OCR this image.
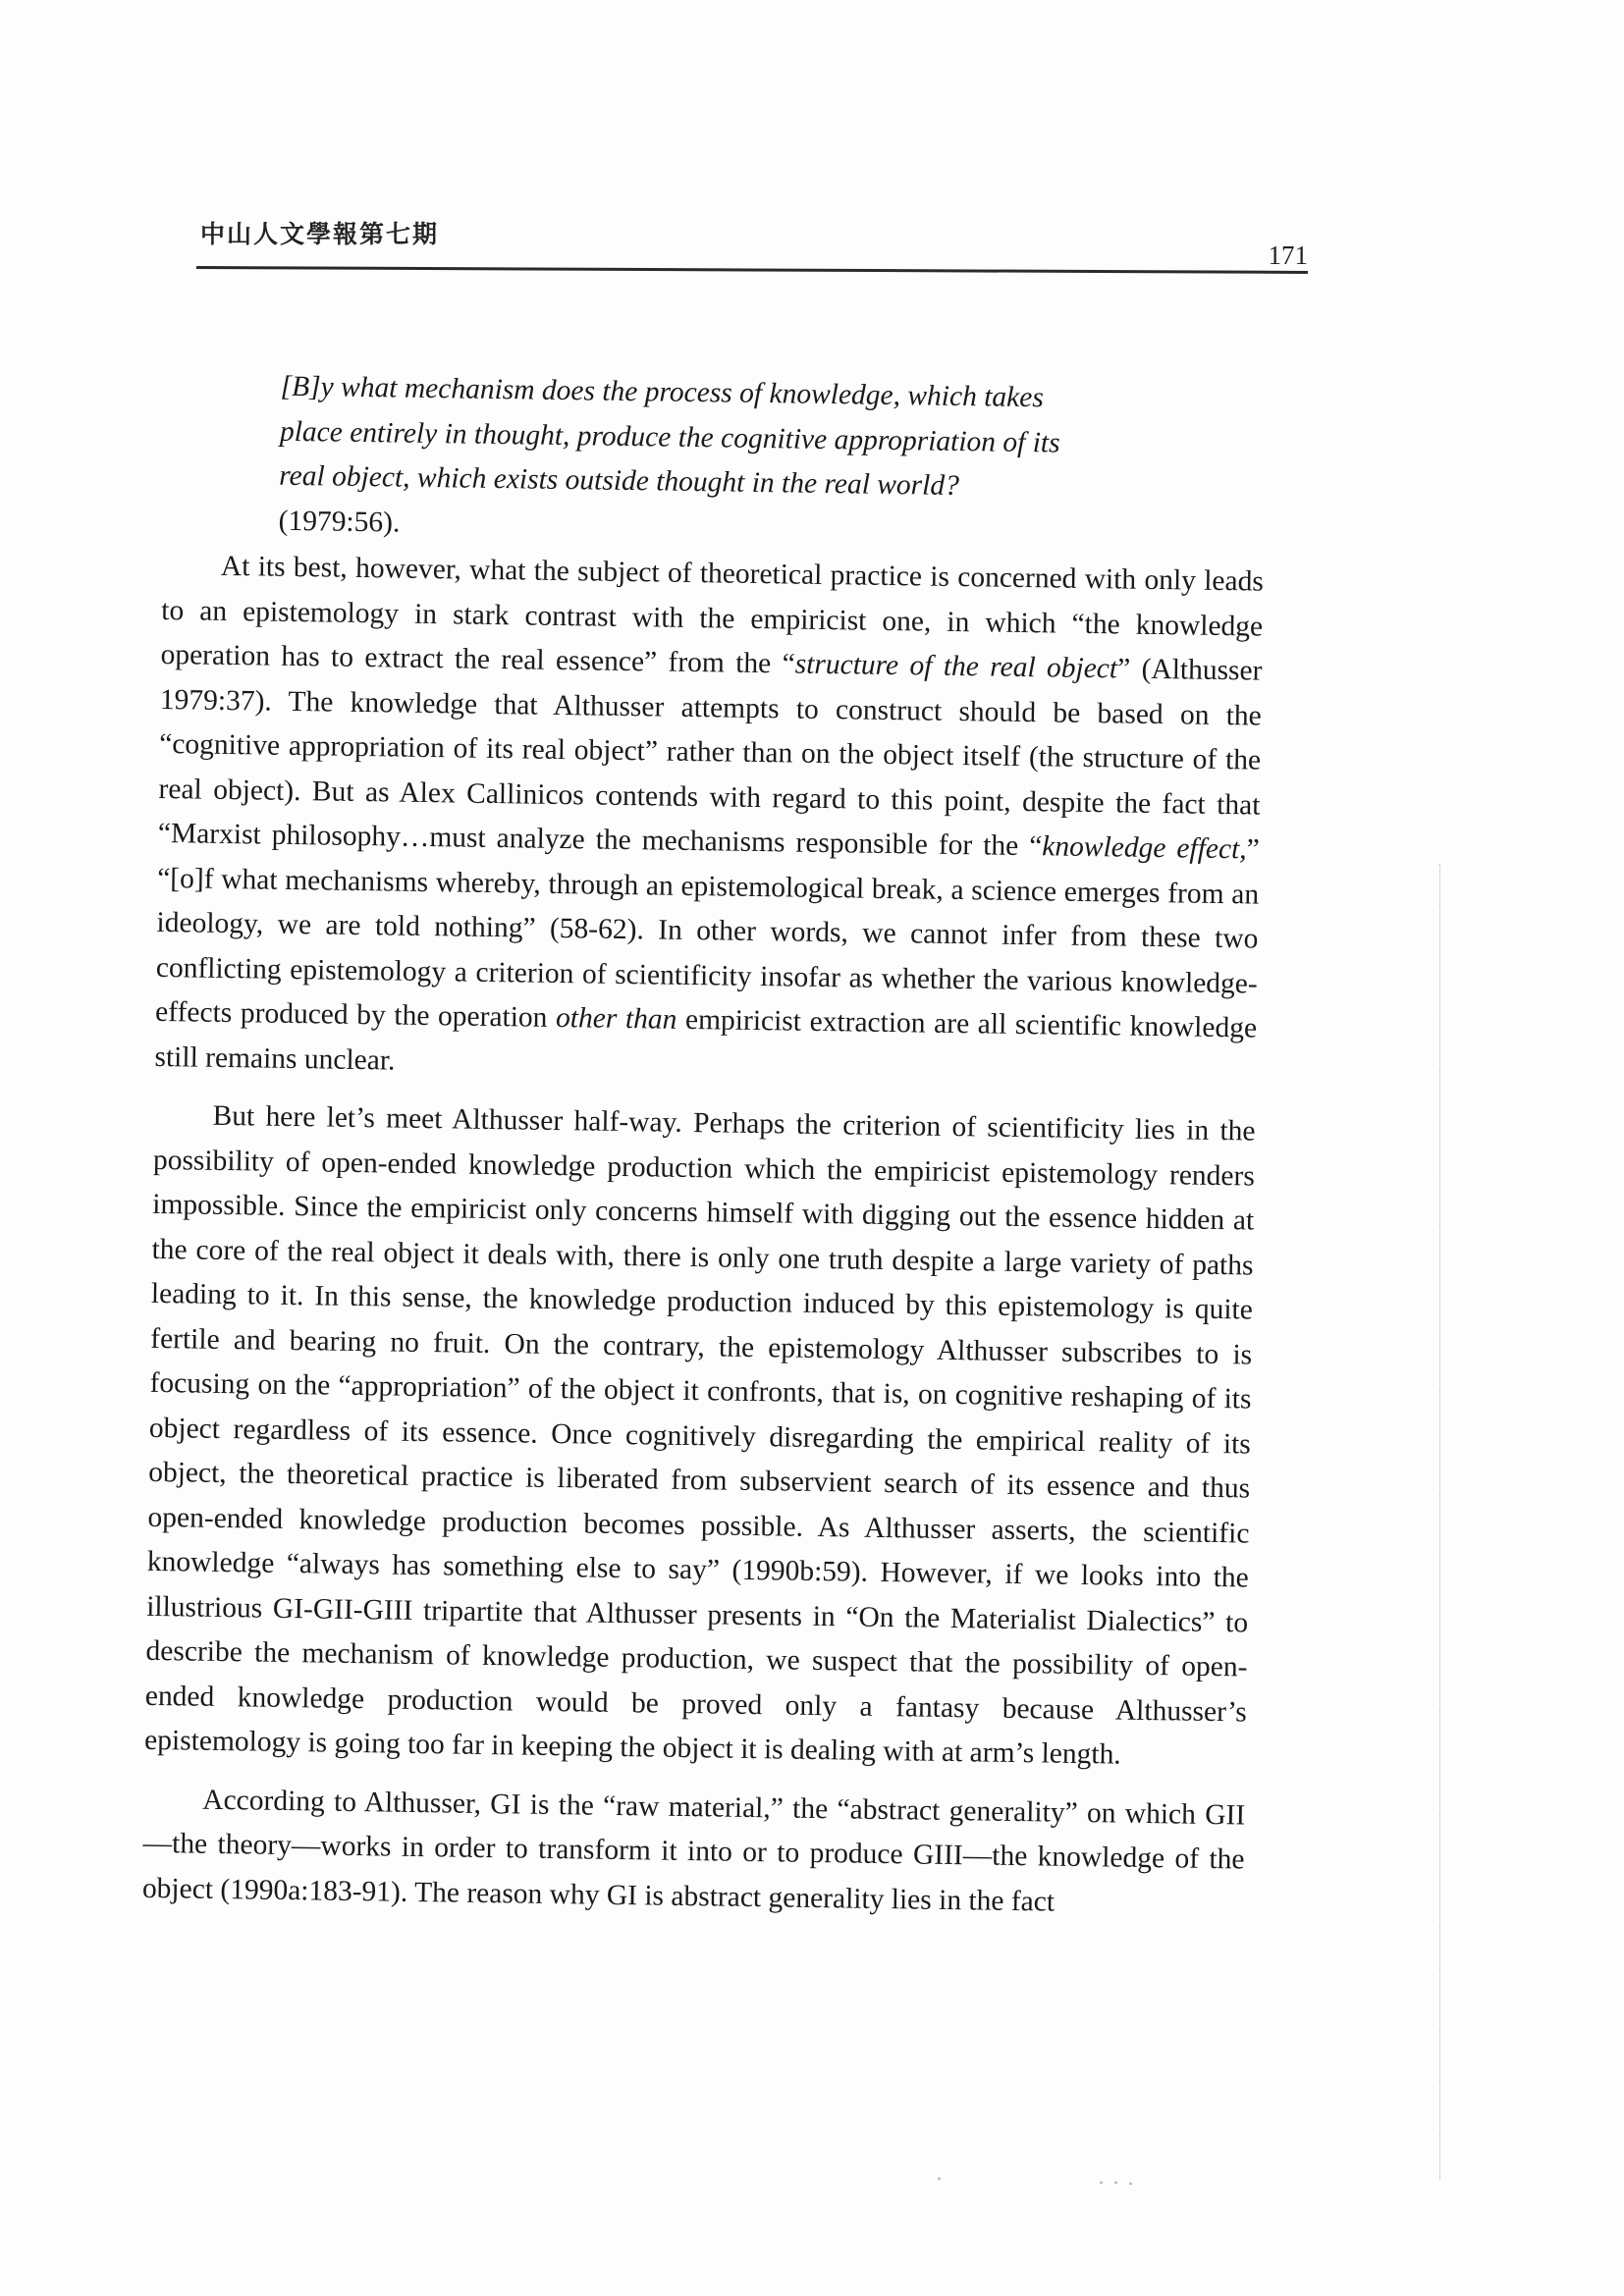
中山人文學報第七期
171

[B]y what mechanism does the process of knowledge, which takes place entirely in thought, produce the cognitive appropriation of its real object, which exists outside thought in the real world? (1979:56).

At its best, however, what the subject of theoretical practice is concerned with only leads to an epistemology in stark contrast with the empiricist one, in which “the knowledge operation has to extract the real essence” from the “structure of the real object” (Althusser 1979:37). The knowledge that Althusser attempts to construct should be based on the “cognitive appropriation of its real object” rather than on the object itself (the structure of the real object). But as Alex Callinicos contends with regard to this point, despite the fact that “Marxist philosophy…must analyze the mechanisms responsible for the “knowledge effect,” “[o]f what mechanisms whereby, through an epistemological break, a science emerges from an ideology, we are told nothing” (58-62). In other words, we cannot infer from these two conflicting epistemology a criterion of scientificity insofar as whether the various knowledge-effects produced by the operation other than empiricist extraction are all scientific knowledge still remains unclear.

But here let’s meet Althusser half-way. Perhaps the criterion of scientificity lies in the possibility of open-ended knowledge production which the empiricist epistemology renders impossible. Since the empiricist only concerns himself with digging out the essence hidden at the core of the real object it deals with, there is only one truth despite a large variety of paths leading to it. In this sense, the knowledge production induced by this epistemology is quite fertile and bearing no fruit. On the contrary, the epistemology Althusser subscribes to is focusing on the “appropriation” of the object it confronts, that is, on cognitive reshaping of its object regardless of its essence. Once cognitively disregarding the empirical reality of its object, the theoretical practice is liberated from subservient search of its essence and thus open-ended knowledge production becomes possible. As Althusser asserts, the scientific knowledge “always has something else to say” (1990b:59). However, if we looks into the illustrious GI-GII-GIII tripartite that Althusser presents in “On the Materialist Dialectics” to describe the mechanism of knowledge production, we suspect that the possibility of open-ended knowledge production would be proved only a fantasy because Althusser’s epistemology is going too far in keeping the object it is dealing with at arm’s length.

According to Althusser, GI is the “raw material,” the “abstract generality” on which GII—the theory—works in order to transform it into or to produce GIII—the knowledge of the object (1990a:183-91). The reason why GI is abstract generality lies in the fact
